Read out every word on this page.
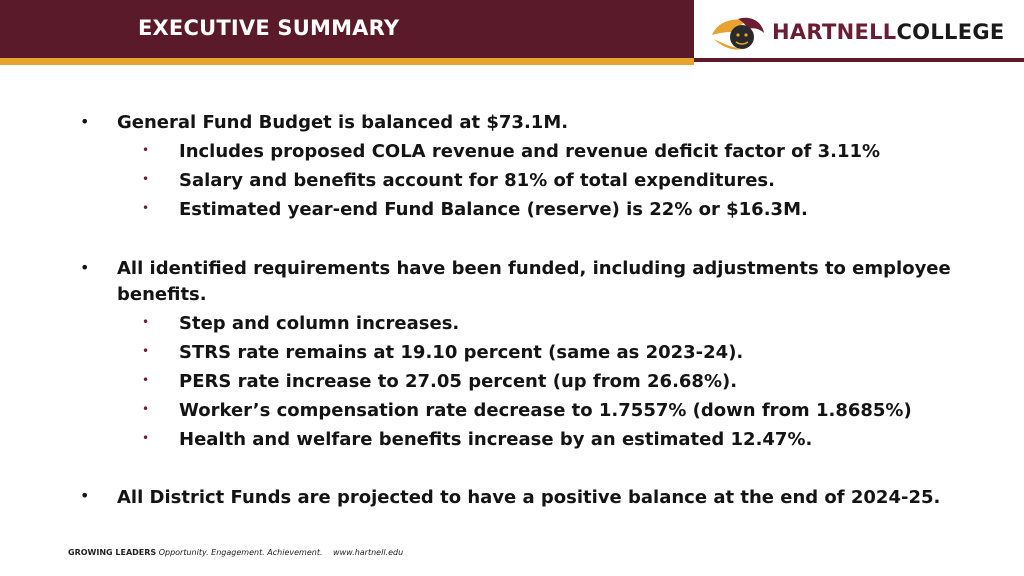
EXECUTIVE SUMMARY	HARTNELLCOLLEGE
• General Fund Budget is balanced at $73.1M.
• Includes proposed COLA revenue and revenue deficit factor of 3.11%
• Salary and benefits account for 81% of total expenditures.
• Estimated year-end Fund Balance (reserve) is 22% or $16.3M.
• All identified requirements have been funded, including adjustments to employee
benefits.
• Step and column increases.
• STRS rate remains at 19.10 percent (same as 2023-24).
• PERS rate increase to 27.05 percent (up from 26.68%).
• Worker’s compensation rate decrease to 1.7557% (down from 1.8685%)
• Health and welfare benefits increase by an estimated 12.47%.
• All District Funds are projected to have a positive balance at the end of 2024-25.
GROWING LEADERS Opportunity. Engagement. Achievement. www.hartnell.edu
